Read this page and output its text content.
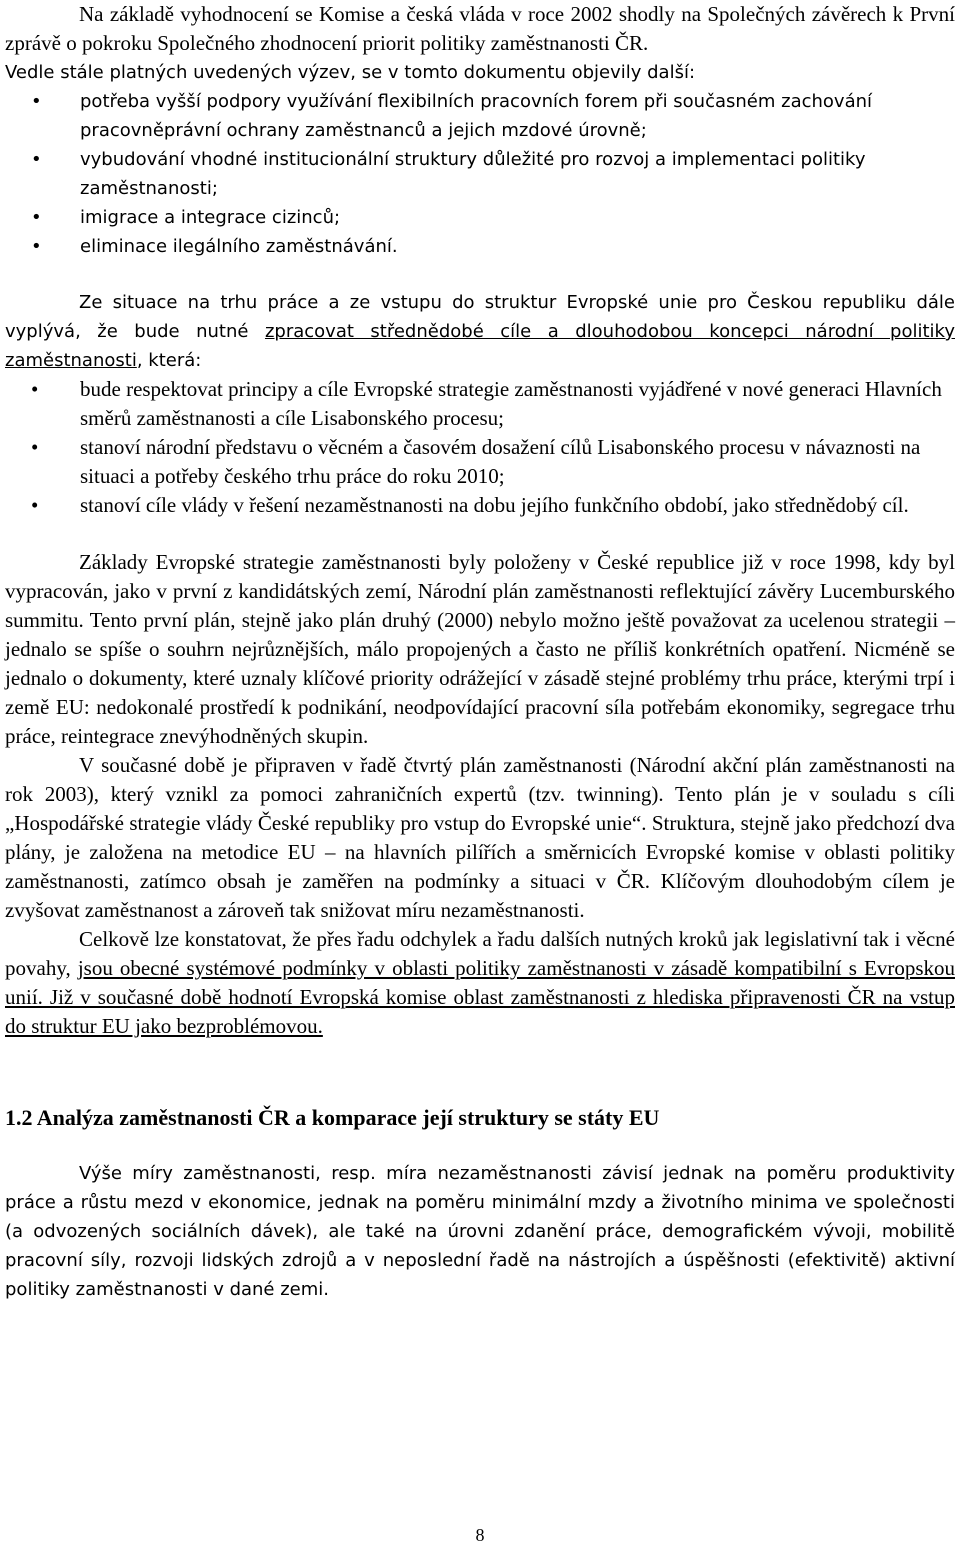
Na základě vyhodnocení se Komise a česká vláda v roce 2002 shodly na Společných závěrech k První zprávě o pokroku Společného zhodnocení priorit politiky zaměstnanosti ČR.

Vedle stále platných uvedených výzev, se v tomto dokumentu objevily další:

• potřeba vyšší podpory využívání flexibilních pracovních forem při současném zachování pracovněprávní ochrany zaměstnanců a jejich mzdové úrovně;
• vybudování vhodné institucionální struktury důležité pro rozvoj a implementaci politiky zaměstnanosti;
• imigrace a integrace cizinců;
• eliminace ilegálního zaměstnávání.

Ze situace na trhu práce a ze vstupu do struktur Evropské unie pro Českou republiku dále vyplývá, že bude nutné zpracovat střednědobé cíle a dlouhodobou koncepci národní politiky zaměstnanosti, která:

• bude respektovat principy a cíle Evropské strategie zaměstnanosti vyjádřené v nové generaci Hlavních směrů zaměstnanosti a cíle Lisabonského procesu;
• stanoví národní představu o věcném a časovém dosažení cílů Lisabonského procesu v návaznosti na situaci a potřeby českého trhu práce do roku 2010;
• stanoví cíle vlády v řešení nezaměstnanosti na dobu jejího funkčního období, jako střednědobý cíl.

Základy Evropské strategie zaměstnanosti byly položeny v České republice již v roce 1998, kdy byl vypracován, jako v první z kandidátských zemí, Národní plán zaměstnanosti reflektující závěry Lucemburského summitu. Tento první plán, stejně jako plán druhý (2000) nebylo možno ještě považovat za ucelenou strategii – jednalo se spíše o souhrn nejrůznějších, málo propojených a často ne příliš konkrétních opatření. Nicméně se jednalo o dokumenty, které uznaly klíčové priority odrážející v zásadě stejné problémy trhu práce, kterými trpí i země EU: nedokonalé prostředí k podnikání, neodpovídající pracovní síla potřebám ekonomiky, segregace trhu práce, reintegrace znevýhodněných skupin.

V současné době je připraven v řadě čtvrtý plán zaměstnanosti (Národní akční plán zaměstnanosti na rok 2003), který vznikl za pomoci zahraničních expertů (tzv. twinning). Tento plán je v souladu s cíli „Hospodářské strategie vlády České republiky pro vstup do Evropské unie“. Struktura, stejně jako předchozí dva plány, je založena na metodice EU – na hlavních pilířích a směrnicích Evropské komise v oblasti politiky zaměstnanosti, zatímco obsah je zaměřen na podmínky a situaci v ČR. Klíčovým dlouhodobým cílem je zvyšovat zaměstnanost a zároveň tak snižovat míru nezaměstnanosti.

Celkově lze konstatovat, že přes řadu odchylek a řadu dalších nutných kroků jak legislativní tak i věcné povahy, jsou obecné systémové podmínky v oblasti politiky zaměstnanosti v zásadě kompatibilní s Evropskou unií. Již v současné době hodnotí Evropská komise oblast zaměstnanosti z hlediska připravenosti ČR na vstup do struktur EU jako bezproblémovou.

1.2 Analýza zaměstnanosti ČR a komparace její struktury se státy EU

Výše míry zaměstnanosti, resp. míra nezaměstnanosti závisí jednak na poměru produktivity práce a růstu mezd v ekonomice, jednak na poměru minimální mzdy a životního minima ve společnosti (a odvozených sociálních dávek), ale také na úrovni zdanění práce, demografickém vývoji, mobilitě pracovní síly, rozvoji lidských zdrojů a v neposlední řadě na nástrojích a úspěšnosti (efektivitě) aktivní politiky zaměstnanosti v dané zemi.

8
